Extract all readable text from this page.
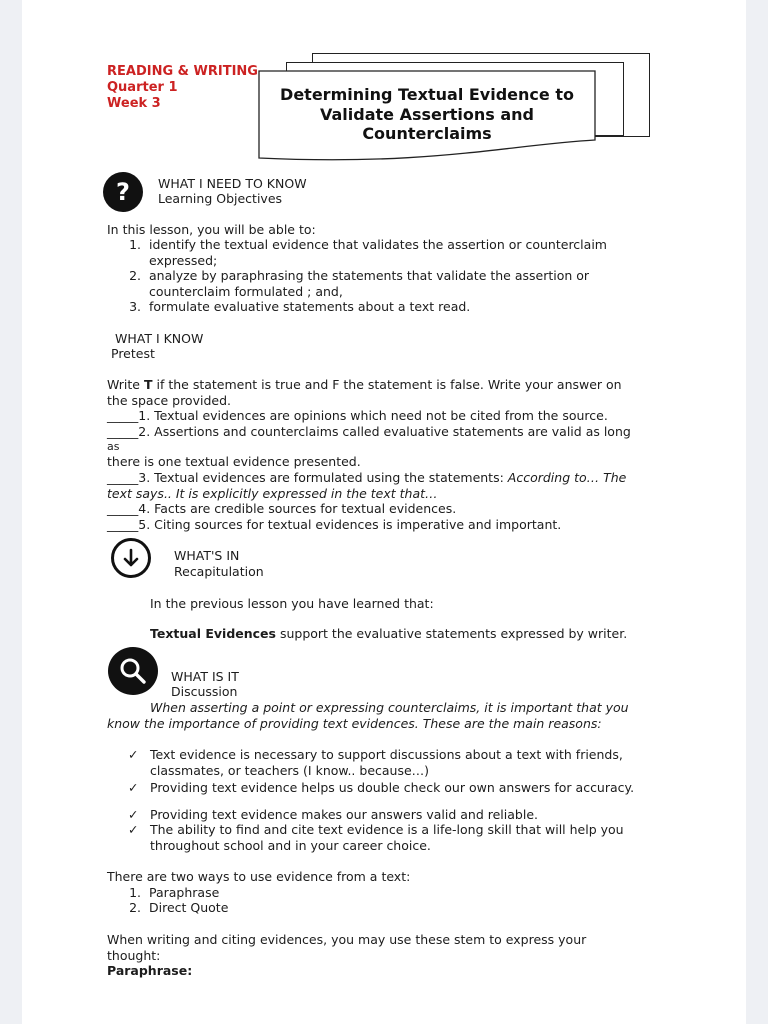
READING & WRITING
Quarter 1
Week 3	Determining Textual Evidence to
Validate Assertions and
Counterclaims
? WHAT I NEED TO KNOW
Learning Objectives
In this lesson, you will be able to:
1. identify the textual evidence that validates the assertion or counterclaim
expressed;
2. analyze by paraphrasing the statements that validate the assertion or
counterclaim formulated ; and,
3. formulate evaluative statements about a text read.
WHAT I KNOW
Pretest
Write T if the statement is true and F the statement is false. Write your answer on
the space provided.
_____1. Textual evidences are opinions which need not be cited from the source.
_____2. Assertions and counterclaims called evaluative statements are valid as long
as
there is one textual evidence presented.
_____3. Textual evidences are formulated using the statements: According to… The
text says.. It is explicitly expressed in the text that…
_____4. Facts are credible sources for textual evidences.
_____5. Citing sources for textual evidences is imperative and important.
WHAT'S IN
Recapitulation
In the previous lesson you have learned that:
Textual Evidences support the evaluative statements expressed by writer.
WHAT IS IT
Discussion
When asserting a point or expressing counterclaims, it is important that you
know the importance of providing text evidences. These are the main reasons:
✓ Text evidence is necessary to support discussions about a text with friends,
classmates, or teachers (I know.. because…)
✓ Providing text evidence helps us double check our own answers for accuracy.
✓ Providing text evidence makes our answers valid and reliable.
✓ The ability to find and cite text evidence is a life-long skill that will help you
throughout school and in your career choice.
There are two ways to use evidence from a text:
1. Paraphrase
2. Direct Quote
When writing and citing evidences, you may use these stem to express your
thought:
Paraphrase:
